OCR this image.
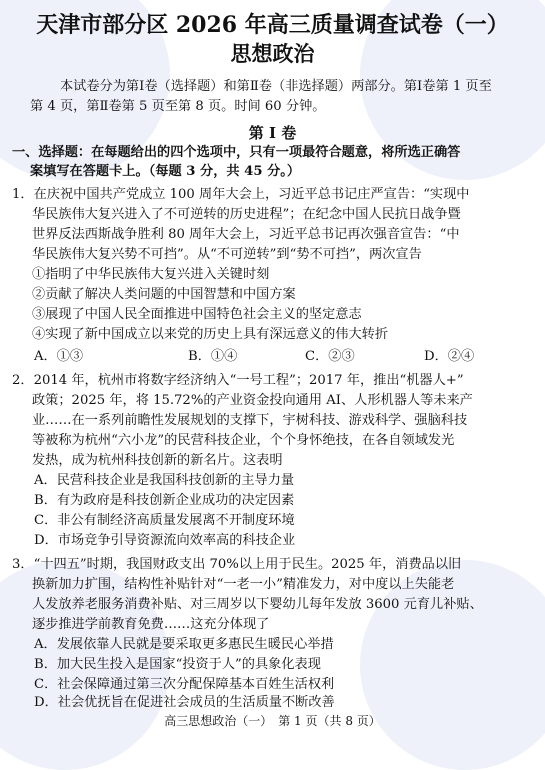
天津市部分区 2026 年高三质量调查试卷（一）
思想政治
本试卷分为第Ⅰ卷（选择题）和第Ⅱ卷（非选择题）两部分。第Ⅰ卷第 1 页至
第 4 页，第Ⅱ卷第 5 页至第 8 页。时间 60 分钟。
第 Ⅰ 卷
一、选择题：在每题给出的四个选项中，只有一项最符合题意，将所选正确答
案填写在答题卡上。（每题 3 分，共 45 分。）
1．在庆祝中国共产党成立 100 周年大会上，习近平总书记庄严宣告：“实现中
华民族伟大复兴进入了不可逆转的历史进程”；在纪念中国人民抗日战争暨
世界反法西斯战争胜利 80 周年大会上，习近平总书记再次强音宣告：“中
华民族伟大复兴势不可挡”。从“不可逆转”到“势不可挡”，两次宣告
①指明了中华民族伟大复兴进入关键时刻
②贡献了解决人类问题的中国智慧和中国方案
③展现了中国人民全面推进中国特色社会主义的坚定意志
④实现了新中国成立以来党的历史上具有深远意义的伟大转折
A．①③	B．①④	C．②③	D．②④
2．2014 年，杭州市将数字经济纳入“一号工程”；2017 年，推出“机器人+”
政策；2025 年，将 15.72%的产业资金投向通用 AI、人形机器人等未来产
业……在一系列前瞻性发展规划的支撑下，宇树科技、游戏科学、强脑科技
等被称为杭州“六小龙”的民营科技企业，个个身怀绝技，在各自领域发光
发热，成为杭州科技创新的新名片。这表明
A．民营科技企业是我国科技创新的主导力量
B．有为政府是科技创新企业成功的决定因素
C．非公有制经济高质量发展离不开制度环境
D．市场竞争引导资源流向效率高的科技企业
3．“十四五”时期，我国财政支出 70%以上用于民生。2025 年，消费品以旧
换新加力扩围，结构性补贴针对“一老一小”精准发力，对中度以上失能老
人发放养老服务消费补贴、对三周岁以下婴幼儿每年发放 3600 元育儿补贴、
逐步推进学前教育免费……这充分体现了
A．发展依靠人民就是要采取更多惠民生暖民心举措
B．加大民生投入是国家“投资于人”的具象化表现
C．社会保障通过第三次分配保障基本百姓生活权利
D．社会优抚旨在促进社会成员的生活质量不断改善
高三思想政治（一）　第 1 页（共 8 页）
